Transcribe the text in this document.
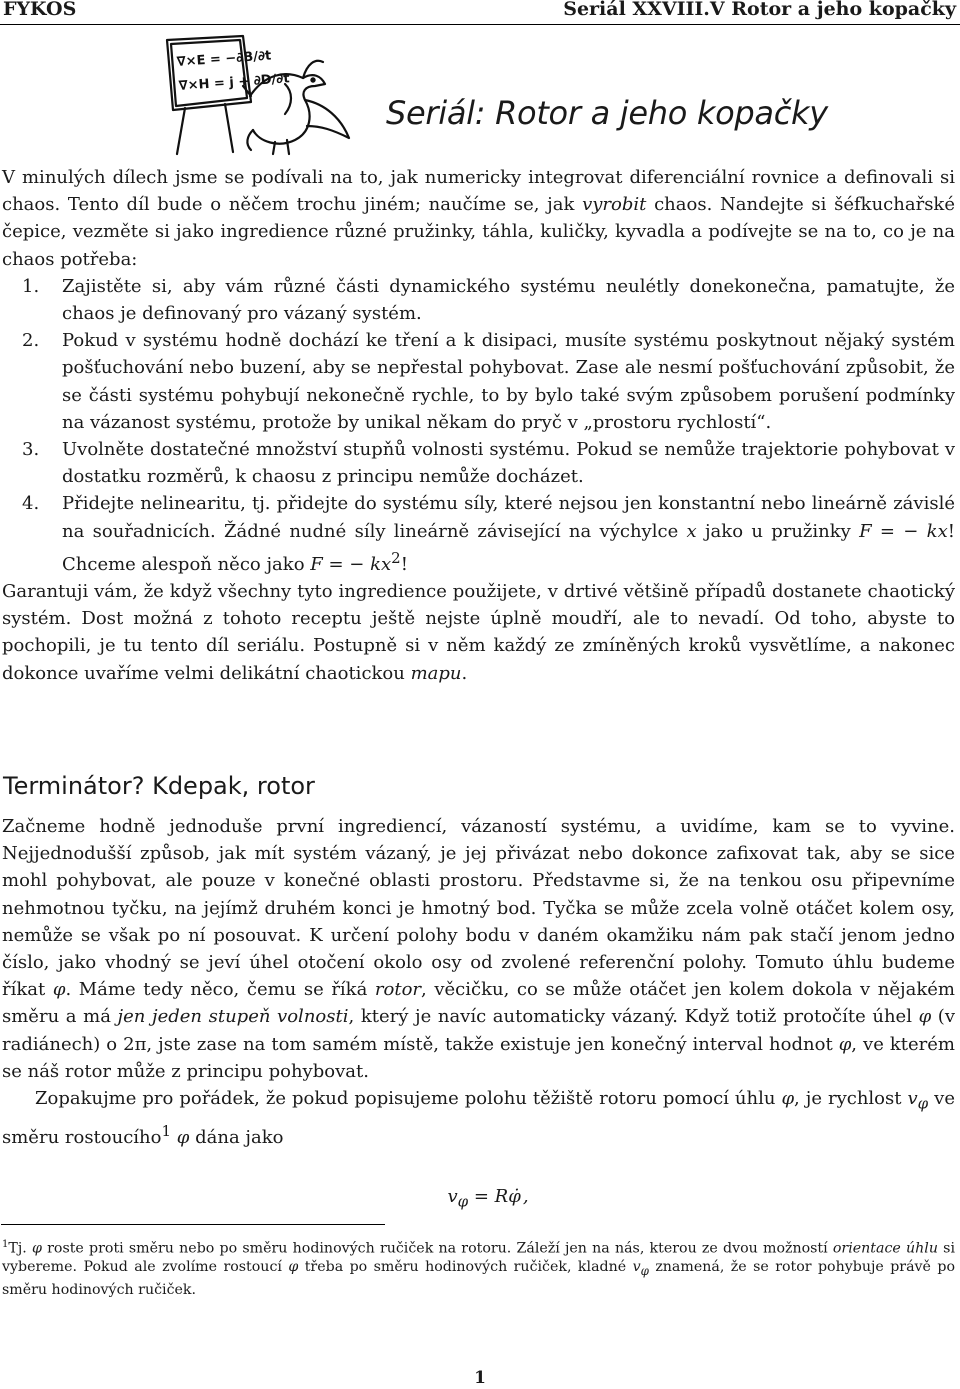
FYKOS	Seriál XXVIII.V Rotor a jeho kopačky
∇×E = −∂B/∂t
∇×H = j + ∂D/∂t
Seriál: Rotor a jeho kopačky

V minulých dílech jsme se podívali na to, jak numericky integrovat diferenciální rovnice a definovali si chaos. Tento díl bude o něčem trochu jiném; naučíme se, jak vyrobit chaos. Nandejte si šéfkuchařské čepice, vezměte si jako ingredience různé pružinky, táhla, kuličky, kyvadla a podívejte se na to, co je na chaos potřeba:

1. Zajistěte si, aby vám různé části dynamického systému neulétly donekonečna, pamatujte, že chaos je definovaný pro vázaný systém.
2. Pokud v systému hodně dochází ke tření a k disipaci, musíte systému poskytnout nějaký systém pošťuchování nebo buzení, aby se nepřestal pohybovat. Zase ale nesmí pošťuchování způsobit, že se části systému pohybují nekonečně rychle, to by bylo také svým způsobem porušení podmínky na vázanost systému, protože by unikal někam do pryč v „prostoru rychlostí“.
3. Uvolněte dostatečné množství stupňů volnosti systému. Pokud se nemůže trajektorie pohybovat v dostatku rozměrů, k chaosu z principu nemůže docházet.
4. Přidejte nelinearitu, tj. přidejte do systému síly, které nejsou jen konstantní nebo lineárně závislé na souřadnicích. Žádné nudné síly lineárně závisející na výchylce x jako u pružinky F = − kx! Chceme alespoň něco jako F = − $kx^2$!

Garantuji vám, že když všechny tyto ingredience použijete, v drtivé většině případů dostanete chaotický systém. Dost možná z tohoto receptu ještě nejste úplně moudří, ale to nevadí. Od toho, abyste to pochopili, je tu tento díl seriálu. Postupně si v něm každý ze zmíněných kroků vysvětlíme, a nakonec dokonce uvaříme velmi delikátní chaotickou mapu.

Terminátor? Kdepak, rotor

Začneme hodně jednoduše první ingrediencí, vázaností systému, a uvidíme, kam se to vyvine. Nejjednodušší způsob, jak mít systém vázaný, je jej přivázat nebo dokonce zafixovat tak, aby se sice mohl pohybovat, ale pouze v konečné oblasti prostoru. Představme si, že na tenkou osu připevníme nehmotnou tyčku, na jejímž druhém konci je hmotný bod. Tyčka se může zcela volně otáčet kolem osy, nemůže se však po ní posouvat. K určení polohy bodu v daném okamžiku nám pak stačí jenom jedno číslo, jako vhodný se jeví úhel otočení okolo osy od zvolené referenční polohy. Tomuto úhlu budeme říkat φ. Máme tedy něco, čemu se říká rotor, věcičku, co se může otáčet jen kolem dokola v nějakém směru a má jen jeden stupeň volnosti, který je navíc automaticky vázaný. Když totiž protočíte úhel φ (v radiánech) o 2π, jste zase na tom samém místě, takže existuje jen konečný interval hodnot φ, ve kterém se náš rotor může z principu pohybovat.

Zopakujme pro pořádek, že pokud popisujeme polohu těžiště rotoru pomocí úhlu φ, je rychlost $v_\varphi$ ve směru rostoucího$^1$ φ dána jako

$v_\varphi$ = Rφ̇ ,
$^1$Tj. φ roste proti směru nebo po směru hodinových ručiček na rotoru. Záleží jen na nás, kterou ze dvou možností orientace úhlu si vybereme. Pokud ale zvolíme rostoucí φ třeba po směru hodinových ručiček, kladné $v_\varphi$ znamená, že se rotor pohybuje právě po směru hodinových ručiček.
1
